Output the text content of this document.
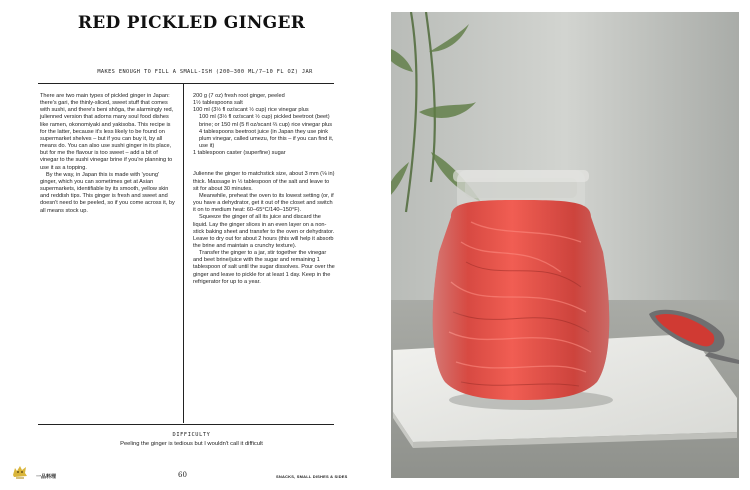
RED PICKLED GINGER
MAKES ENOUGH TO FILL A SMALL-ISH (200–300 ML/7–10 FL OZ) JAR

There are two main types of pickled ginger in Japan: there's gari, the thinly-sliced, sweet stuff that comes with sushi, and there's beni shōga, the alarmingly red, julienned version that adorns many soul food dishes like ramen, okonomiyaki and yakisoba. This recipe is for the latter, because it's less likely to be found on supermarket shelves – but if you can buy it, by all means do. You can also use sushi ginger in its place, but for me the flavour is too sweet – add a bit of vinegar to the sushi vinegar brine if you're planning to use it as a topping.

By the way, in Japan this is made with 'young' ginger, which you can sometimes get at Asian supermarkets, identifiable by its smooth, yellow skin and reddish tips. This ginger is fresh and sweet and doesn't need to be peeled, so if you come across it, by all means stock up.

200 g (7 oz) fresh root ginger, peeled

1½ tablespoons salt

100 ml (3½ fl oz/scant ½ cup) rice vinegar plus

100 ml (3½ fl oz/scant ½ cup) pickled beetroot (beet) brine; or 150 ml (5 fl oz/scant ⅔ cup) rice vinegar plus 4 tablespoons beetroot juice (in Japan they use pink plum vinegar, called umezu, for this – if you can find it, use it)

1 tablespoon caster (superfine) sugar

Julienne the ginger to matchstick size, about 3 mm (⅛ in) thick. Massage in ½ tablespoon of the salt and leave to sit for about 30 minutes.

Meanwhile, preheat the oven to its lowest setting (or, if you have a dehydrator, get it out of the closet and switch it on to medium heat: 60–65°C/140–150°F).

Squeeze the ginger of all its juice and discard the liquid. Lay the ginger slices in an even layer on a non-stick baking sheet and transfer to the oven or dehydrator. Leave to dry out for about 2 hours (this will help it absorb the brine and maintain a crunchy texture).

Transfer the ginger to a jar, stir together the vinegar and beet brine/juice with the sugar and remaining 1 tablespoon of salt until the sugar dissolves. Pour over the ginger and leave to pickle for at least 1 day. Keep in the refrigerator for up to a year.

DIFFICULTY
Peeling the ginger is tedious but I wouldn't call it difficult
一品料理	60	SNACKS, SMALL DISHES & SIDES
